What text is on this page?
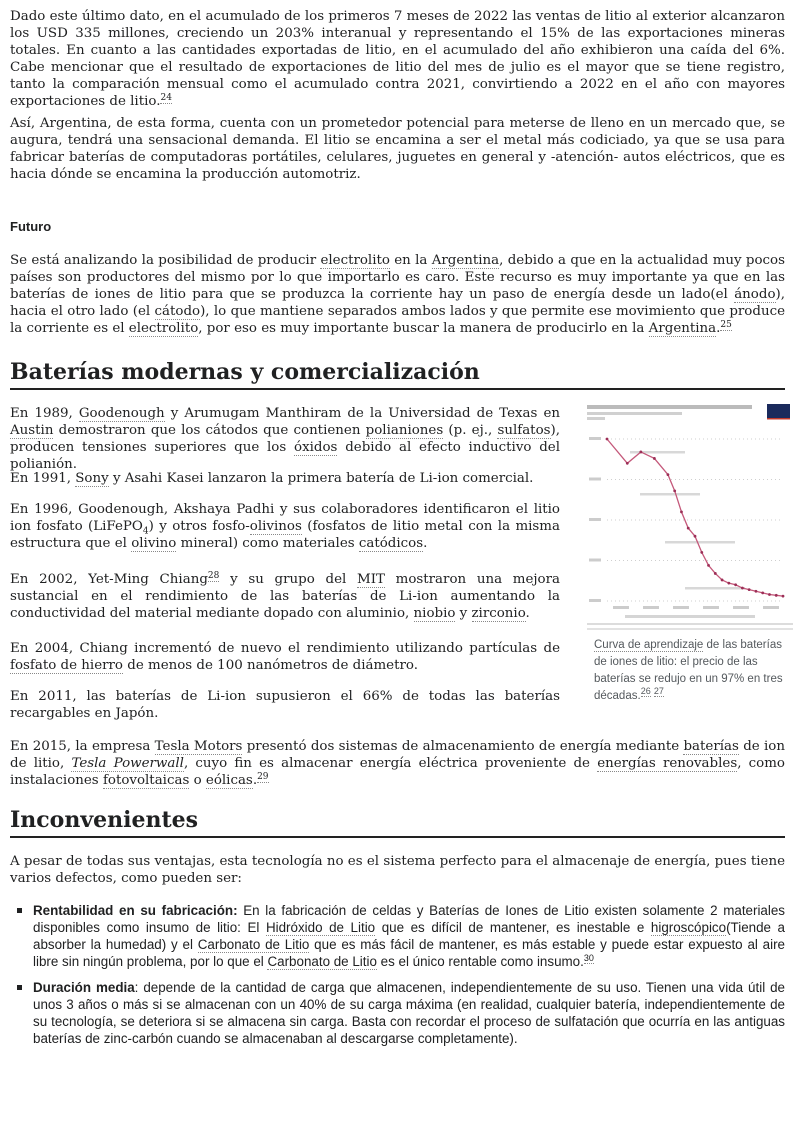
Dado este último dato, en el acumulado de los primeros 7 meses de 2022 las ventas de litio al exterior alcanzaron los USD 335 millones, creciendo un 203% interanual y representando el 15% de las exportaciones mineras totales. En cuanto a las cantidades exportadas de litio, en el acumulado del año exhibieron una caída del 6%. Cabe mencionar que el resultado de exportaciones de litio del mes de julio es el mayor que se tiene registro, tanto la comparación mensual como el acumulado contra 2021, convirtiendo a 2022 en el año con mayores exportaciones de litio.$^{24}$

Así, Argentina, de esta forma, cuenta con un prometedor potencial para meterse de lleno en un mercado que, se augura, tendrá una sensacional demanda. El litio se encamina a ser el metal más codiciado, ya que se usa para fabricar baterías de computadoras portátiles, celulares, juguetes en general y -atención- autos eléctricos, que es hacia dónde se encamina la producción automotriz.

Futuro

Se está analizando la posibilidad de producir electrolito en la Argentina, debido a que en la actualidad muy pocos países son productores del mismo por lo que importarlo es caro. Este recurso es muy importante ya que en las baterías de iones de litio para que se produzca la corriente hay un paso de energía desde un lado(el ánodo), hacia el otro lado (el cátodo), lo que mantiene separados ambos lados y que permite ese movimiento que produce la corriente es el electrolito, por eso es muy importante buscar la manera de producirlo en la Argentina.$^{25}$

Baterías modernas y comercialización

En 1989, Goodenough y Arumugam Manthiram de la Universidad de Texas en Austin demostraron que los cátodos que contienen polianiones (p. ej., sulfatos), producen tensiones superiores que los óxidos debido al efecto inductivo del polianión.

En 1991, Sony y Asahi Kasei lanzaron la primera batería de Li-ion comercial.

En 1996, Goodenough, Akshaya Padhi y sus colaboradores identificaron el litio ion fosfato (LiFePO$_4$) y otros fosfo-olivinos (fosfatos de litio metal con la misma estructura que el olivino mineral) como materiales catódicos.

En 2002, Yet-Ming Chiang$^{28}$ y su grupo del MIT mostraron una mejora sustancial en el rendimiento de las baterías de Li-ion aumentando la conductividad del material mediante dopado con aluminio, niobio y zirconio.

En 2004, Chiang incrementó de nuevo el rendimiento utilizando partículas de fosfato de hierro de menos de 100 nanómetros de diámetro.

En 2011, las baterías de Li-ion supusieron el 66% de todas las baterías recargables en Japón.

Curva de aprendizaje de las baterías de iones de litio: el precio de las baterías se redujo en un 97% en tres décadas.$^{26}$ $^{27}$

En 2015, la empresa Tesla Motors presentó dos sistemas de almacenamiento de energía mediante baterías de ion de litio, Tesla Powerwall, cuyo fin es almacenar energía eléctrica proveniente de energías renovables, como instalaciones fotovoltaicas o eólicas.$^{29}$

Inconvenientes

A pesar de todas sus ventajas, esta tecnología no es el sistema perfecto para el almacenaje de energía, pues tiene varios defectos, como pueden ser:

Rentabilidad en su fabricación: En la fabricación de celdas y Baterías de Iones de Litio existen solamente 2 materiales disponibles como insumo de litio: El Hidróxido de Litio que es difícil de mantener, es inestable e higroscópico(Tiende a absorber la humedad) y el Carbonato de Litio que es más fácil de mantener, es más estable y puede estar expuesto al aire libre sin ningún problema, por lo que el Carbonato de Litio es el único rentable como insumo.$^{30}$
Duración media: depende de la cantidad de carga que almacenen, independientemente de su uso. Tienen una vida útil de unos 3 años o más si se almacenan con un 40% de su carga máxima (en realidad, cualquier batería, independientemente de su tecnología, se deteriora si se almacena sin carga. Basta con recordar el proceso de sulfatación que ocurría en las antiguas baterías de zinc-carbón cuando se almacenaban al descargarse completamente).
